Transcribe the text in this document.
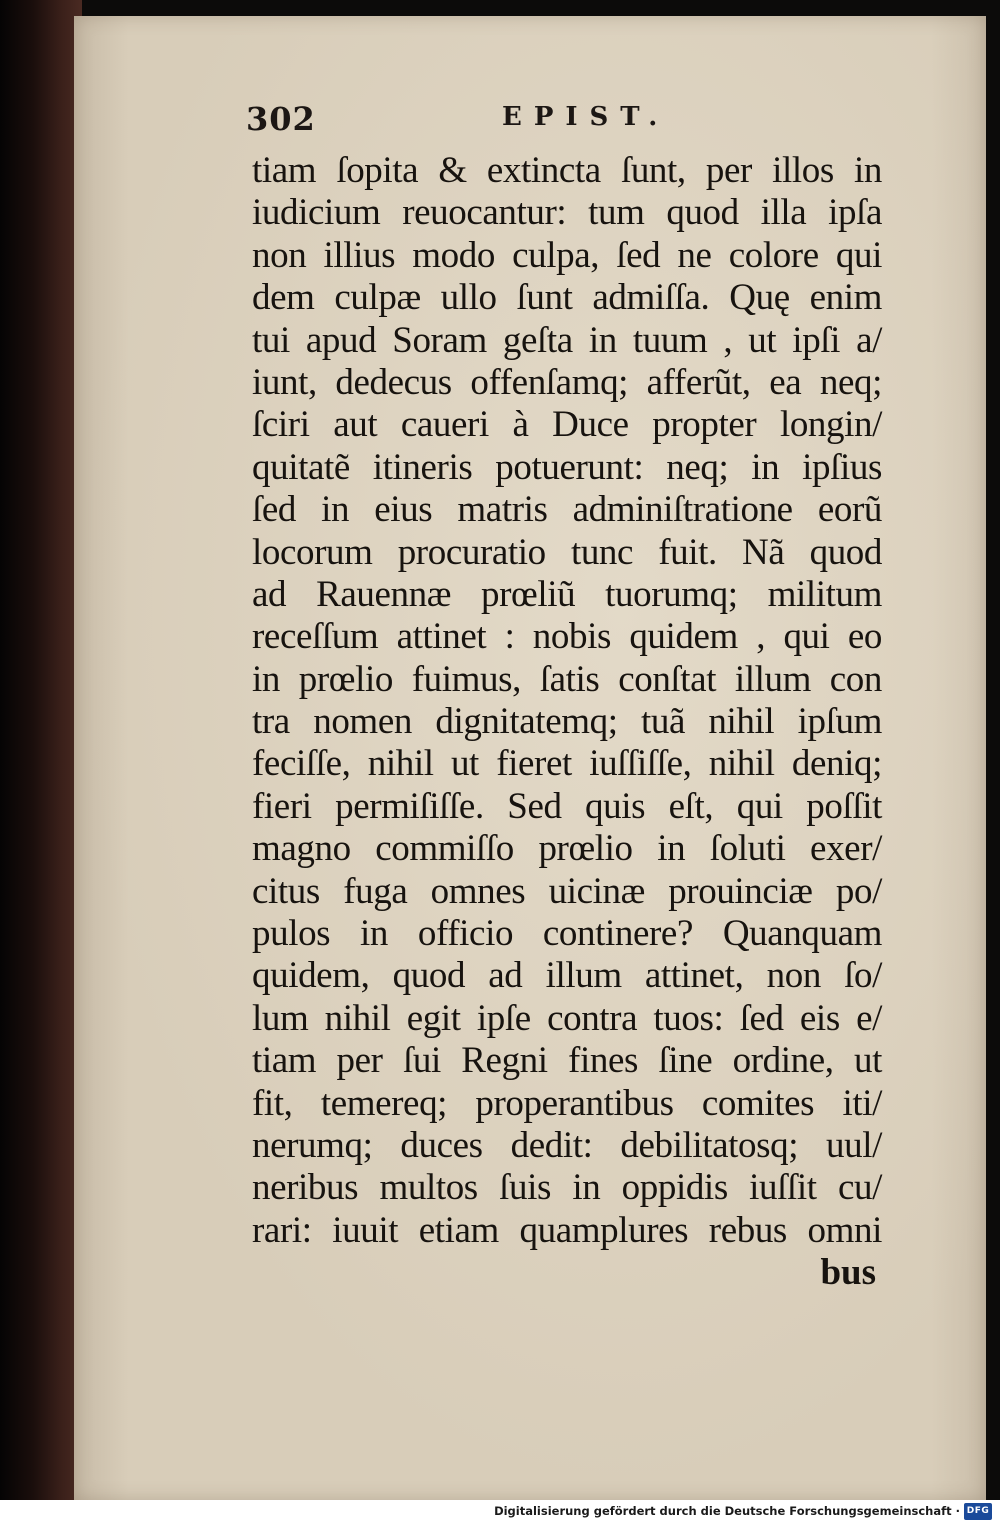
302	EPIST.
tiam ſopita & extincta ſunt, per illos in
iudicium reuocantur: tum quod illa ipſa
non illius modo culpa, ſed ne colore qui
dem culpæ ullo ſunt admiſſa. Quę enim
tui apud Soram geſta in tuum , ut ipſi a/
iunt, dedecus offenſamq; afferũt, ea neq;
ſciri aut caueri à Duce propter longin/
quitatẽ itineris potuerunt: neq; in ipſius
ſed in eius matris adminiſtratione eorũ
locorum procuratio tunc fuit. Nã quod
ad Rauennæ prœliũ tuorumq; militum
receſſum attinet : nobis quidem , qui eo
in prœlio fuimus, ſatis conſtat illum con
tra nomen dignitatemq; tuã nihil ipſum
feciſſe, nihil ut fieret iuſſiſſe, nihil deniq;
fieri permiſiſſe. Sed quis eſt, qui poſſit
magno commiſſo prœlio in ſoluti exer/
citus fuga omnes uicinæ prouinciæ po/
pulos in officio continere? Quanquam
quidem, quod ad illum attinet, non ſo/
lum nihil egit ipſe contra tuos: ſed eis e/
tiam per ſui Regni fines ſine ordine, ut
fit, temereq; properantibus comites iti/
nerumq; duces dedit: debilitatosq; uul/
neribus multos ſuis in oppidis iuſſit cu/
rari: iuuit etiam quamplures rebus omni
bus
Digitalisierung gefördert durch die Deutsche Forschungsgemeinschaft · DFG
